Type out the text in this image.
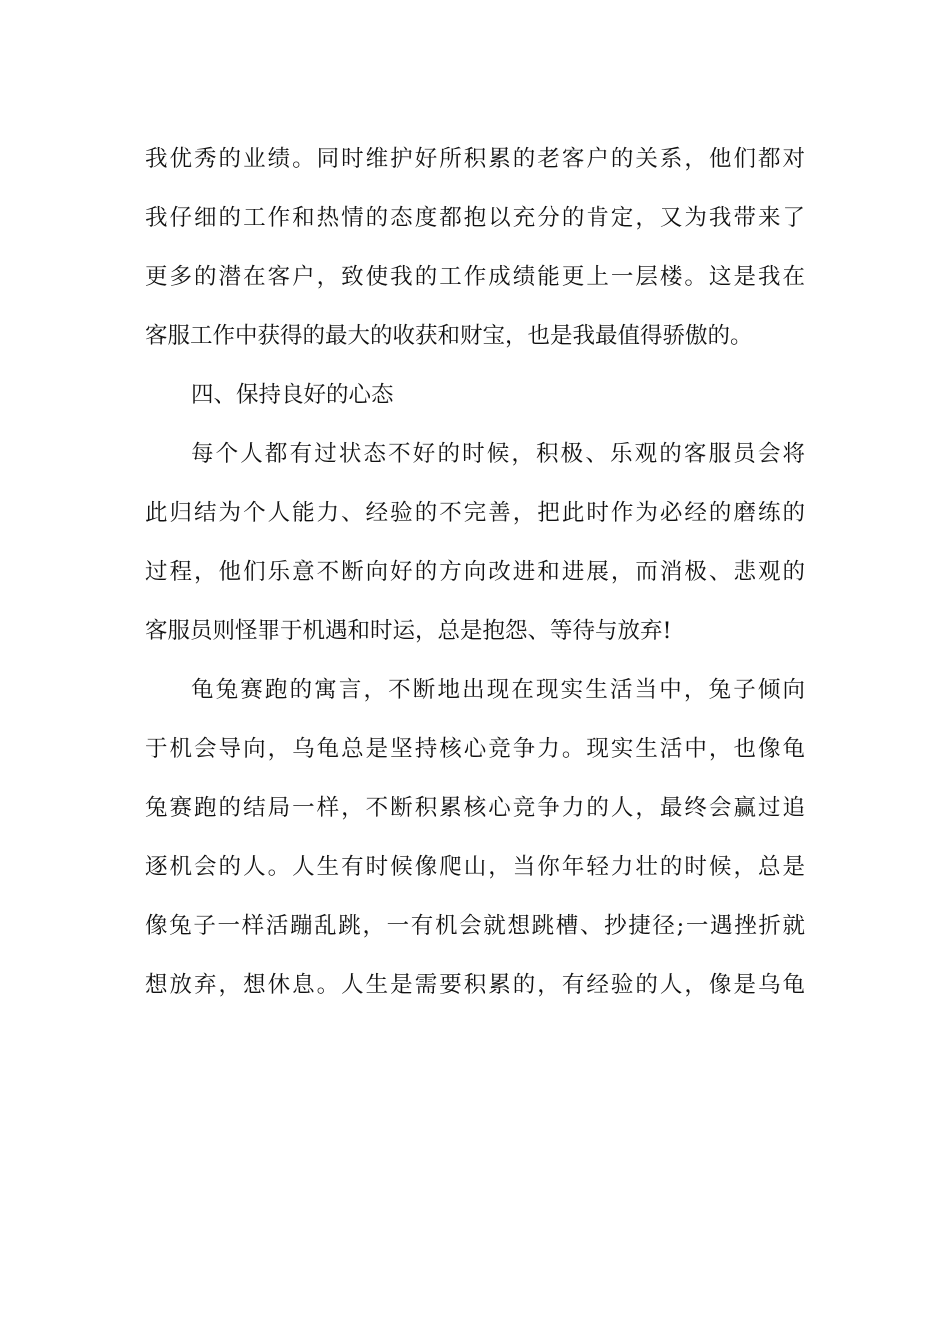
我优秀的业绩。同时维护好所积累的老客户的关系，他们都对
我仔细的工作和热情的态度都抱以充分的肯定，又为我带来了
更多的潜在客户，致使我的工作成绩能更上一层楼。这是我在
客服工作中获得的最大的收获和财宝，也是我最值得骄傲的。
四、保持良好的心态
每个人都有过状态不好的时候，积极、乐观的客服员会将
此归结为个人能力、经验的不完善，把此时作为必经的磨练的
过程，他们乐意不断向好的方向改进和进展，而消极、悲观的
客服员则怪罪于机遇和时运，总是抱怨、等待与放弃!
龟兔赛跑的寓言，不断地出现在现实生活当中，兔子倾向
于机会导向，乌龟总是坚持核心竞争力。现实生活中，也像龟
兔赛跑的结局一样，不断积累核心竞争力的人，最终会赢过追
逐机会的人。人生有时候像爬山，当你年轻力壮的时候，总是
像兔子一样活蹦乱跳，一有机会就想跳槽、抄捷径;一遇挫折就
想放弃，想休息。人生是需要积累的，有经验的人，像是乌龟
